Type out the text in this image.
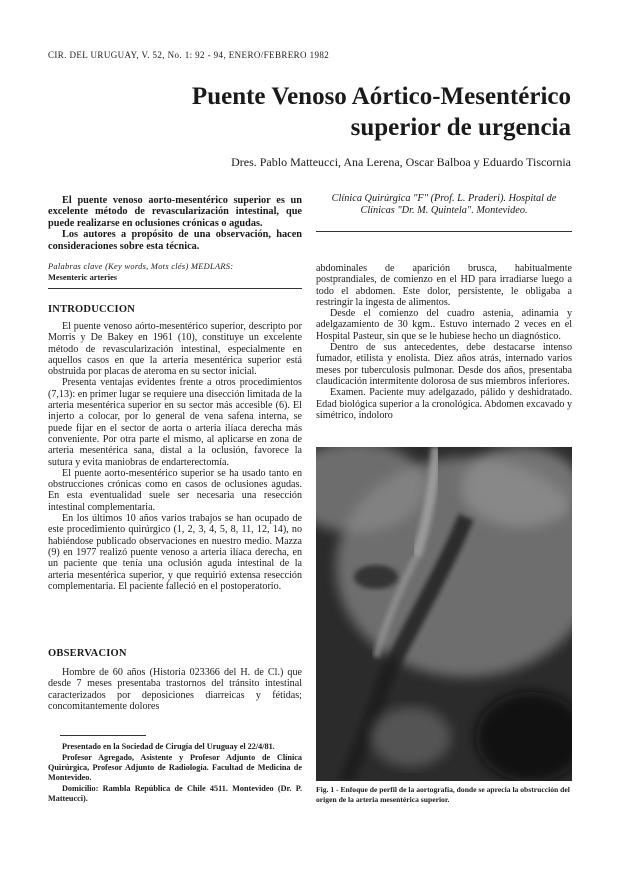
CIR. DEL URUGUAY, V. 52, No. 1: 92 - 94, ENERO/FEBRERO 1982
Puente Venoso Aórtico-Mesentérico
superior de urgencia
Dres. Pablo Matteucci, Ana Lerena, Oscar Balboa y Eduardo Tiscornia

El puente venoso aorto-mesentérico superior es un excelente método de revascularización intestinal, que puede realizarse en oclusiones crónicas o agudas.

Los autores a propósito de una observación, hacen consideraciones sobre esta técnica.

Clínica Quirúrgica "F" (Prof. L. Praderi). Hospital de Clínicas "Dr. M. Quintela". Montevideo.
Palabras clave (Key words, Mots clés) MEDLARS:
Mesenteric arteries
INTRODUCCION

El puente venoso aórto-mesentérico superior, descripto por Morris y De Bakey en 1961 (10), constituye un excelente método de revascularización intestinal, especialmente en aquellos casos en que la arteria mesentérica superior está obstruida por placas de ateroma en su sector inicial.

Presenta ventajas evidentes frente a otros procedimientos (7,13): en primer lugar se requiere una disección limitada de la arteria mesentérica superior en su sector más accesible (6). El injerto a colocar, por lo general de vena safena interna, se puede fijar en el sector de aorta o arteria ilíaca derecha más conveniente. Por otra parte el mismo, al aplicarse en zona de arteria mesentérica sana, distal a la oclusión, favorece la sutura y evita maniobras de endarterectomía.

El puente aorto-mesentérico superior se ha usado tanto en obstrucciones crónicas como en casos de oclusiones agudas. En esta eventualidad suele ser necesaria una resección intestinal complementaria.

En los últimos 10 años varios trabajos se han ocupado de este procedimiento quirúrgico (1, 2, 3, 4, 5, 8, 11, 12, 14), no habiéndose publicado observaciones en nuestro medio. Mazza (9) en 1977 realizó puente venoso a arteria ilíaca derecha, en un paciente que tenía una oclusión aguda intestinal de la arteria mesentérica superior, y que requirió extensa resección complementaria. El paciente falleció en el postoperatorio.

OBSERVACION

Hombre de 60 años (Historia 023366 del H. de Cl.) que desde 7 meses presentaba trastornos del tránsito intestinal caracterizados por deposiciones diarreicas y fétidas; concomitantemente dolores

abdominales de aparición brusca, habitualmente postprandiales, de comienzo en el HD para irradiarse luego a todo el abdomen. Este dolor, persistente, le obligaba a restringir la ingesta de alimentos.

Desde el comienzo del cuadro astenia, adinamia y adelgazamiento de 30 kgm.. Estuvo internado 2 veces en el Hospital Pasteur, sin que se le hubiese hecho un diagnóstico.

Dentro de sus antecedentes, debe destacarse intenso fumador, etilista y enolista. Diez años atrás, internado varios meses por tuberculosis pulmonar. Desde dos años, presentaba claudicación intermitente dolorosa de sus miembros inferiores.

Examen. Paciente muy adelgazado, pálido y deshidratado. Edad biológica superior a la cronológica. Abdomen excavado y simétrico, indoloro

Presentado en la Sociedad de Cirugía del Uruguay el 22/4/81.

Profesor Agregado, Asistente y Profesor Adjunto de Clínica Quirúrgica, Profesor Adjunto de Radiología. Facultad de Medicina de Montevideo.

Domicilio: Rambla República de Chile 4511. Montevideo (Dr. P. Matteucci).

Fig. 1 - Enfoque de perfil de la aortografía, donde se aprecia la obstrucción del origen de la arteria mesentérica superior.
